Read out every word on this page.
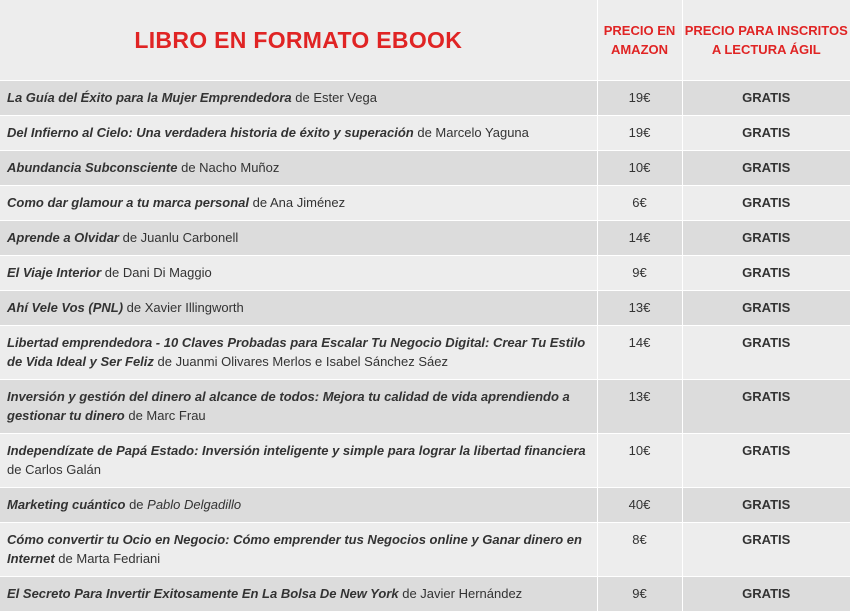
LIBRO EN FORMATO EBOOK	PRECIO EN AMAZON	PRECIO PARA INSCRITOS A LECTURA ÁGIL
La Guía del Éxito para la Mujer Emprendedora de Ester Vega	19€	GRATIS
Del Infierno al Cielo: Una verdadera historia de éxito y superación de Marcelo Yaguna	19€	GRATIS
Abundancia Subconsciente de Nacho Muñoz	10€	GRATIS
Como dar glamour a tu marca personal de Ana Jiménez	6€	GRATIS
Aprende a Olvidar de Juanlu Carbonell	14€	GRATIS
El Viaje Interior de Dani Di Maggio	9€	GRATIS
Ahí Vele Vos (PNL) de Xavier Illingworth	13€	GRATIS
Libertad emprendedora - 10 Claves Probadas para Escalar Tu Negocio Digital: Crear Tu Estilo de Vida Ideal y Ser Feliz de Juanmi Olivares Merlos e Isabel Sánchez Sáez	14€	GRATIS
Inversión y gestión del dinero al alcance de todos: Mejora tu calidad de vida aprendiendo a gestionar tu dinero de Marc Frau	13€	GRATIS
Independízate de Papá Estado: Inversión inteligente y simple para lograr la libertad financiera de Carlos Galán	10€	GRATIS
Marketing cuántico de Pablo Delgadillo	40€	GRATIS
Cómo convertir tu Ocio en Negocio: Cómo emprender tus Negocios online y Ganar dinero en Internet de Marta Fedriani	8€	GRATIS
El Secreto Para Invertir Exitosamente En La Bolsa De New York de Javier Hernández	9€	GRATIS
